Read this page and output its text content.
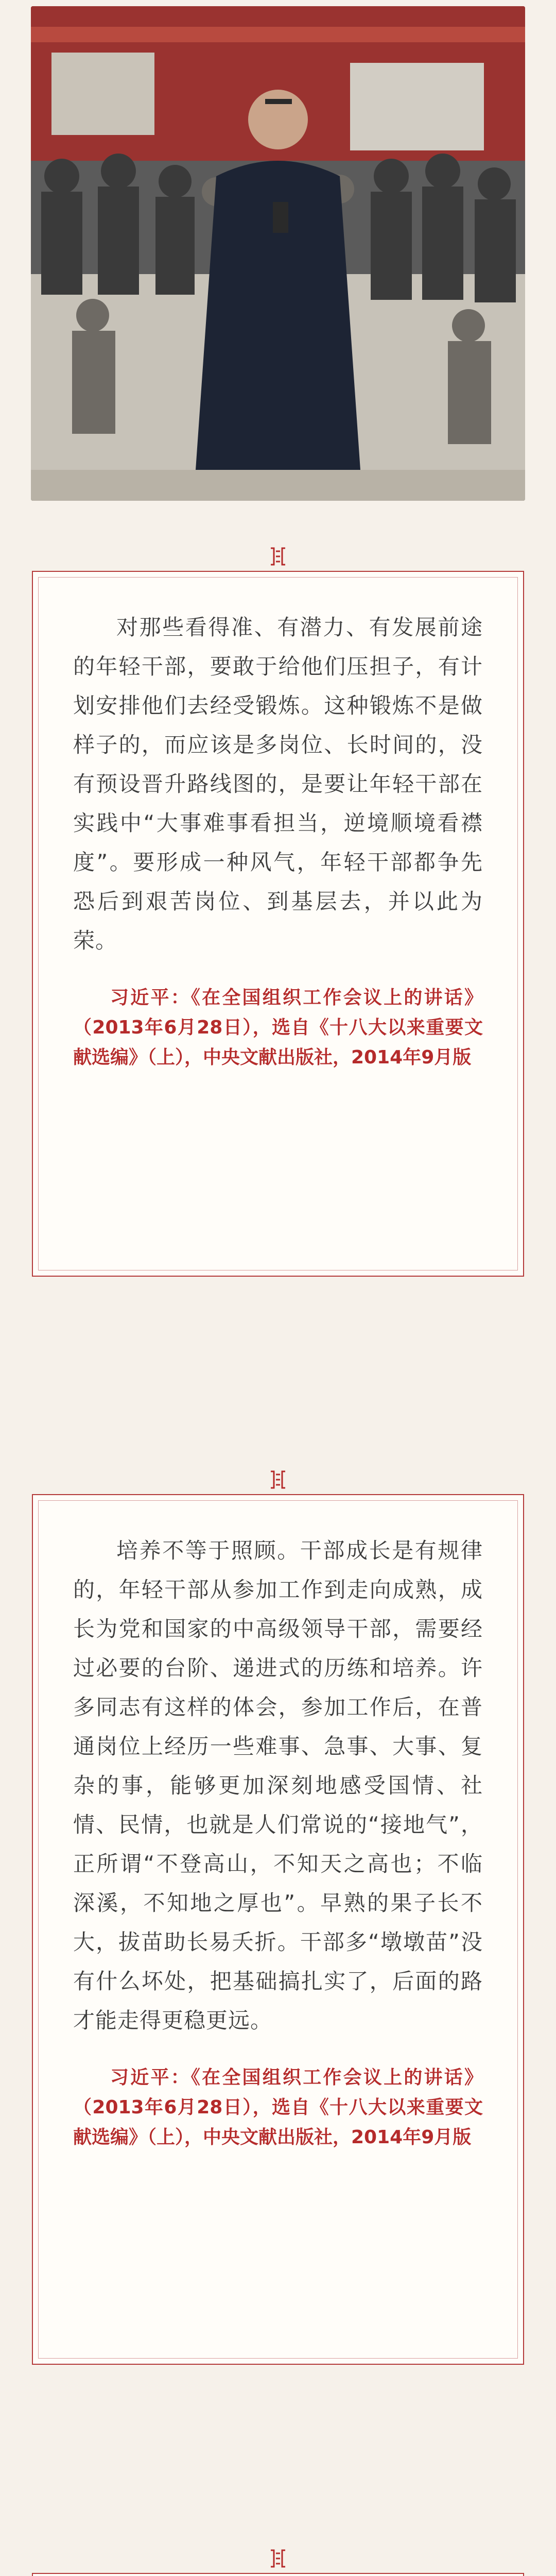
对那些看得准、有潜力、有发展前途的年轻干部，要敢于给他们压担子，有计划安排他们去经受锻炼。这种锻炼不是做样子的，而应该是多岗位、长时间的，没有预设晋升路线图的，是要让年轻干部在实践中“大事难事看担当，逆境顺境看襟度”。要形成一种风气，年轻干部都争先恐后到艰苦岗位、到基层去，并以此为荣。

习近平：《在全国组织工作会议上的讲话》（2013年6月28日），选自《十八大以来重要文献选编》（上），中央文献出版社，2014年9月版

培养不等于照顾。干部成长是有规律的，年轻干部从参加工作到走向成熟，成长为党和国家的中高级领导干部，需要经过必要的台阶、递进式的历练和培养。许多同志有这样的体会，参加工作后，在普通岗位上经历一些难事、急事、大事、复杂的事，能够更加深刻地感受国情、社情、民情，也就是人们常说的“接地气”，正所谓“不登高山，不知天之高也；不临深溪，不知地之厚也”。早熟的果子长不大，拔苗助长易夭折。干部多“墩墩苗”没有什么坏处，把基础搞扎实了，后面的路才能走得更稳更远。

习近平：《在全国组织工作会议上的讲话》（2013年6月28日），选自《十八大以来重要文献选编》（上），中央文献出版社，2014年9月版
